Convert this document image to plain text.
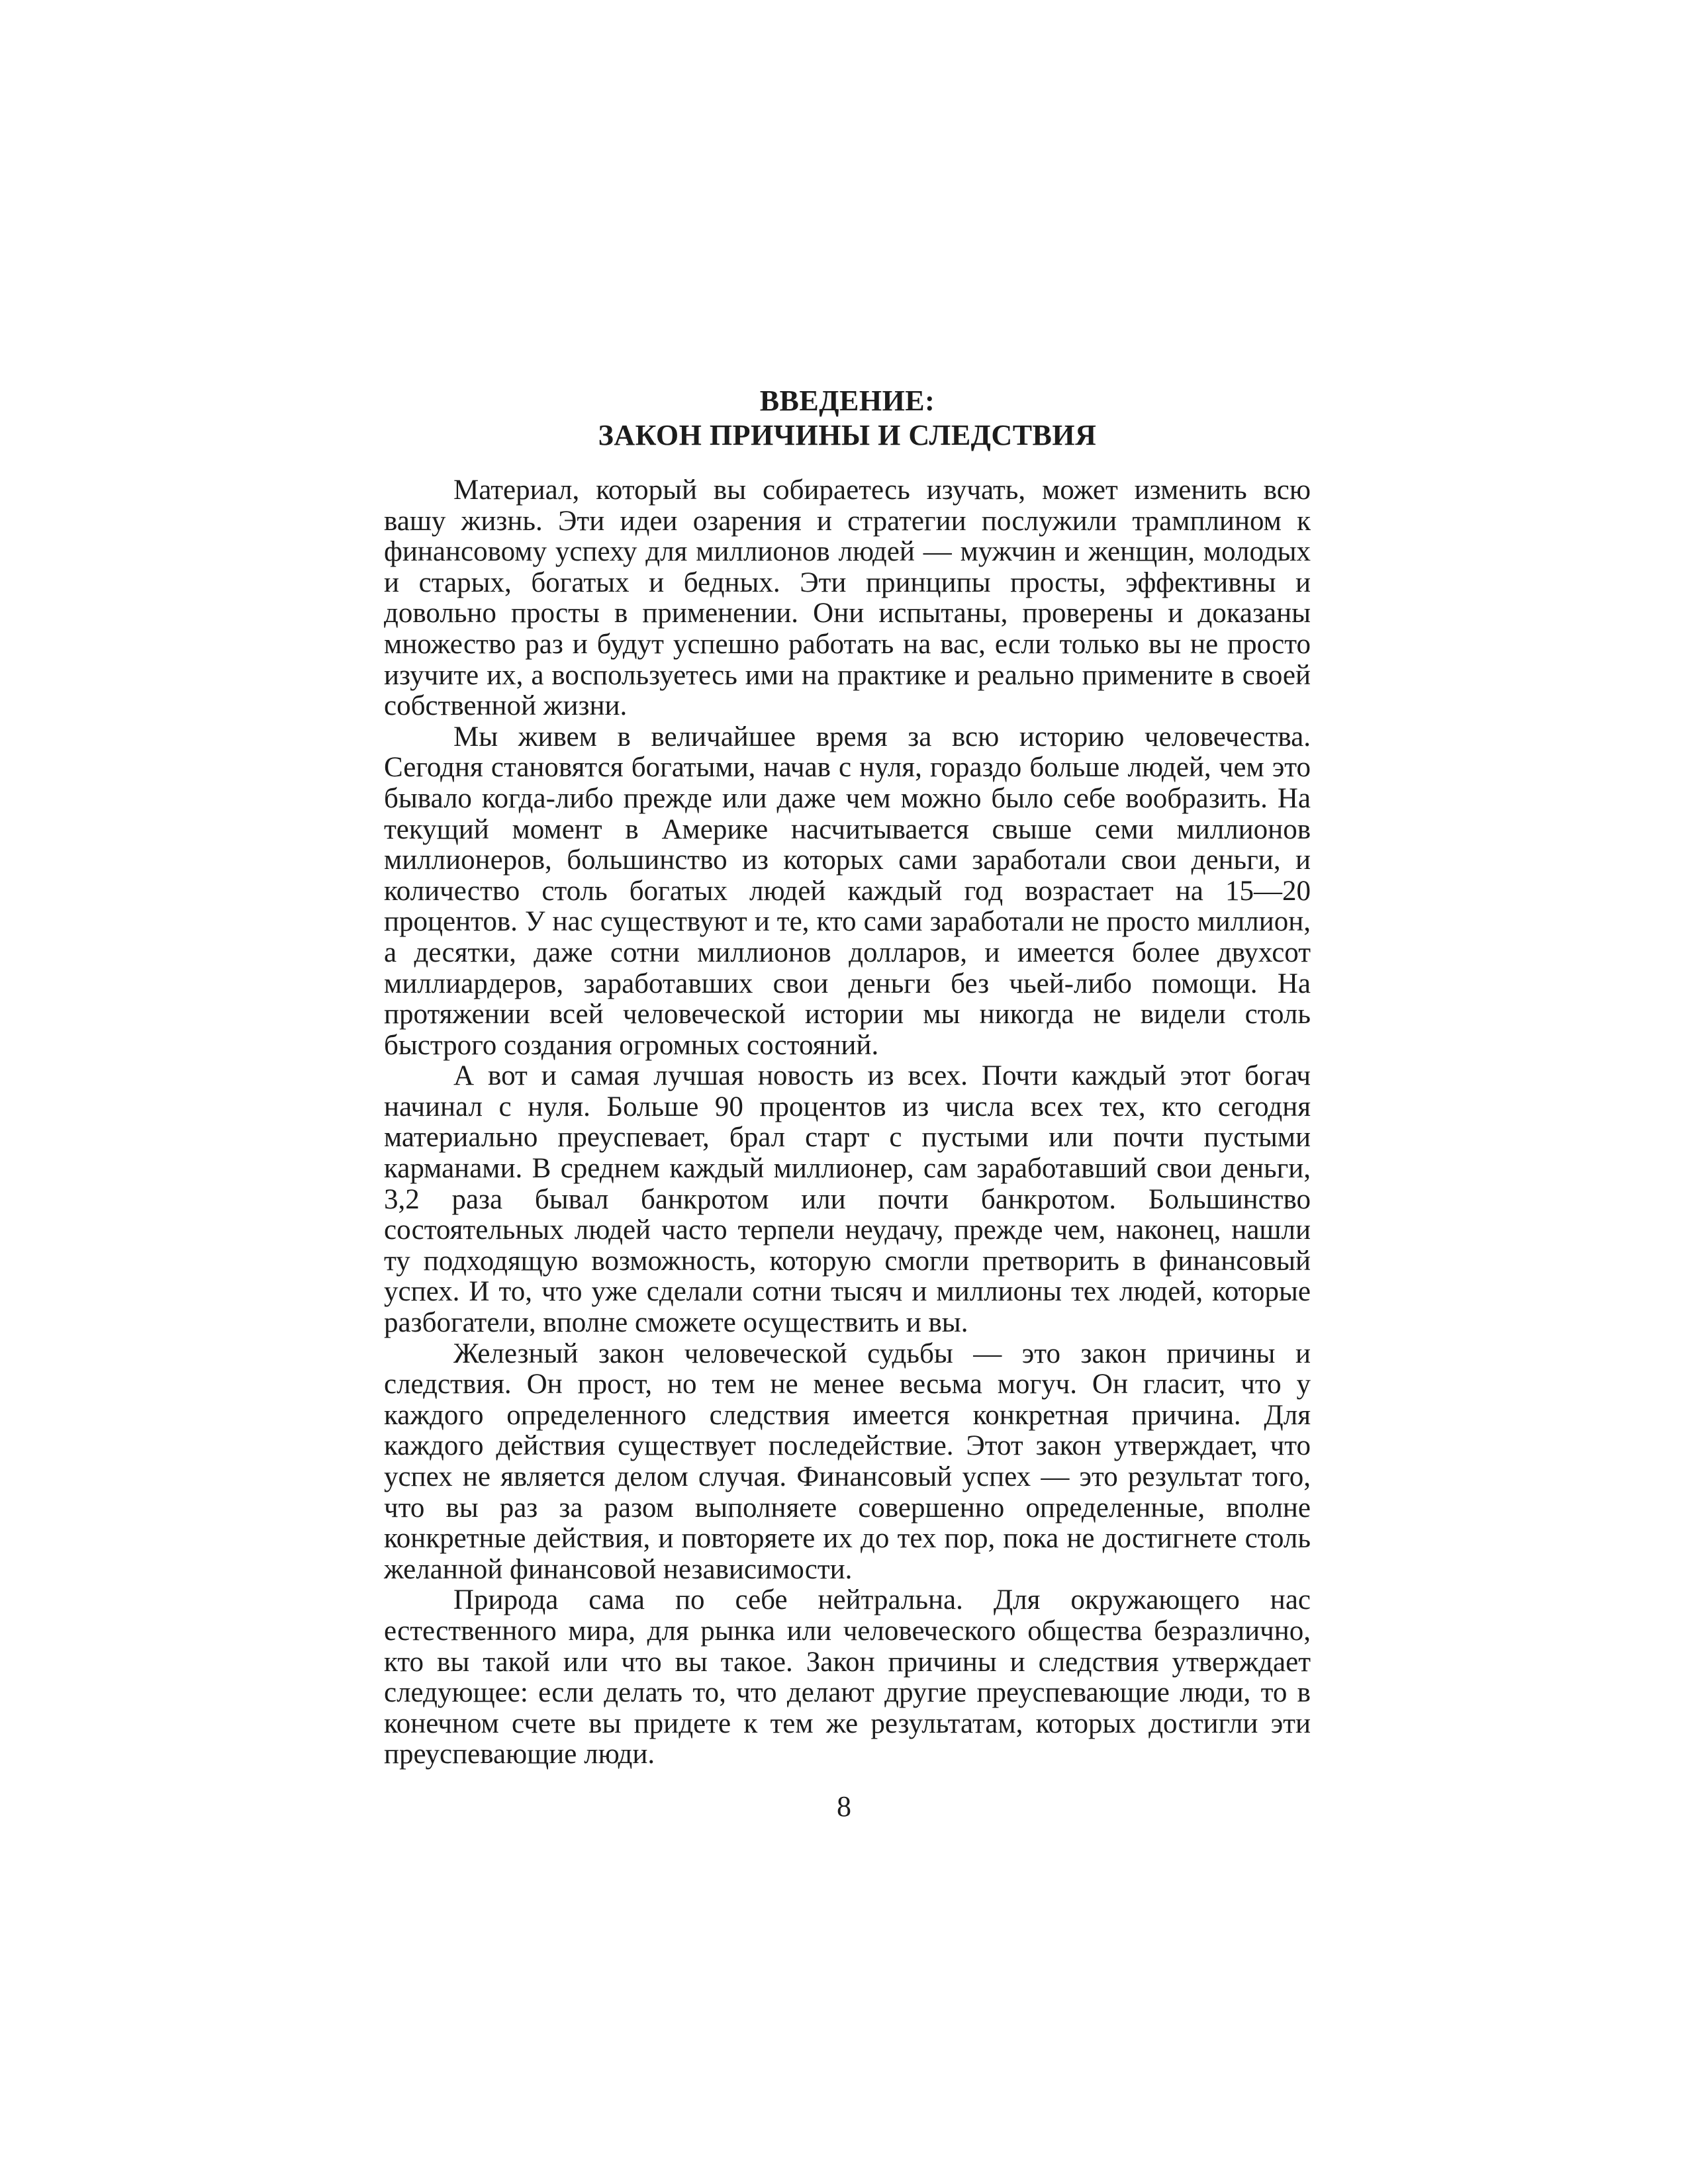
ВВЕДЕНИЕ:
ЗАКОН ПРИЧИНЫ И СЛЕДСТВИЯ

Материал, который вы собираетесь изучать, может изменить всю вашу жизнь. Эти идеи озарения и стратегии послужили трамплином к финансовому успеху для миллионов людей — мужчин и женщин, молодых и старых, богатых и бедных. Эти принципы просты, эффективны и довольно просты в применении. Они испытаны, проверены и доказаны множество раз и будут успешно работать на вас, если только вы не просто изучите их, а воспользуетесь ими на практике и реально примените в своей собственной жизни.

Мы живем в величайшее время за всю историю человечества. Сегодня становятся богатыми, начав с нуля, гораздо больше людей, чем это бывало когда-либо прежде или даже чем можно было себе вообразить. На текущий момент в Америке насчитывается свыше семи миллионов миллионеров, большинство из которых сами заработали свои деньги, и количество столь богатых людей каждый год возрастает на 15—20 процентов. У нас существуют и те, кто сами заработали не просто миллион, а десятки, даже сотни миллионов долларов, и имеется более двухсот миллиардеров, заработавших свои деньги без чьей-либо помощи. На протяжении всей человеческой истории мы никогда не видели столь быстрого создания огромных состояний.

А вот и самая лучшая новость из всех. Почти каждый этот богач начинал с нуля. Больше 90 процентов из числа всех тех, кто сегодня материально преуспевает, брал старт с пустыми или почти пустыми карманами. В среднем каждый миллионер, сам заработавший свои деньги, 3,2 раза бывал банкротом или почти банкротом. Большинство состоятельных людей часто терпели неудачу, прежде чем, наконец, нашли ту подходящую возможность, которую смогли претворить в финансовый успех. И то, что уже сделали сотни тысяч и миллионы тех людей, которые разбогатели, вполне сможете осуществить и вы.

Железный закон человеческой судьбы — это закон причины и следствия. Он прост, но тем не менее весьма могуч. Он гласит, что у каждого определенного следствия имеется конкретная причина. Для каждого действия существует последействие. Этот закон утверждает, что успех не является делом случая. Финансовый успех — это результат того, что вы раз за разом выполняете совершенно определенные, вполне конкретные действия, и повторяете их до тех пор, пока не достигнете столь желанной финансовой независимости.

Природа сама по себе нейтральна. Для окружающего нас естественного мира, для рынка или человеческого общества безразлично, кто вы такой или что вы такое. Закон причины и следствия утверждает следующее: если делать то, что делают другие преуспевающие люди, то в конечном счете вы придете к тем же результатам, которых достигли эти преуспевающие люди.

8
